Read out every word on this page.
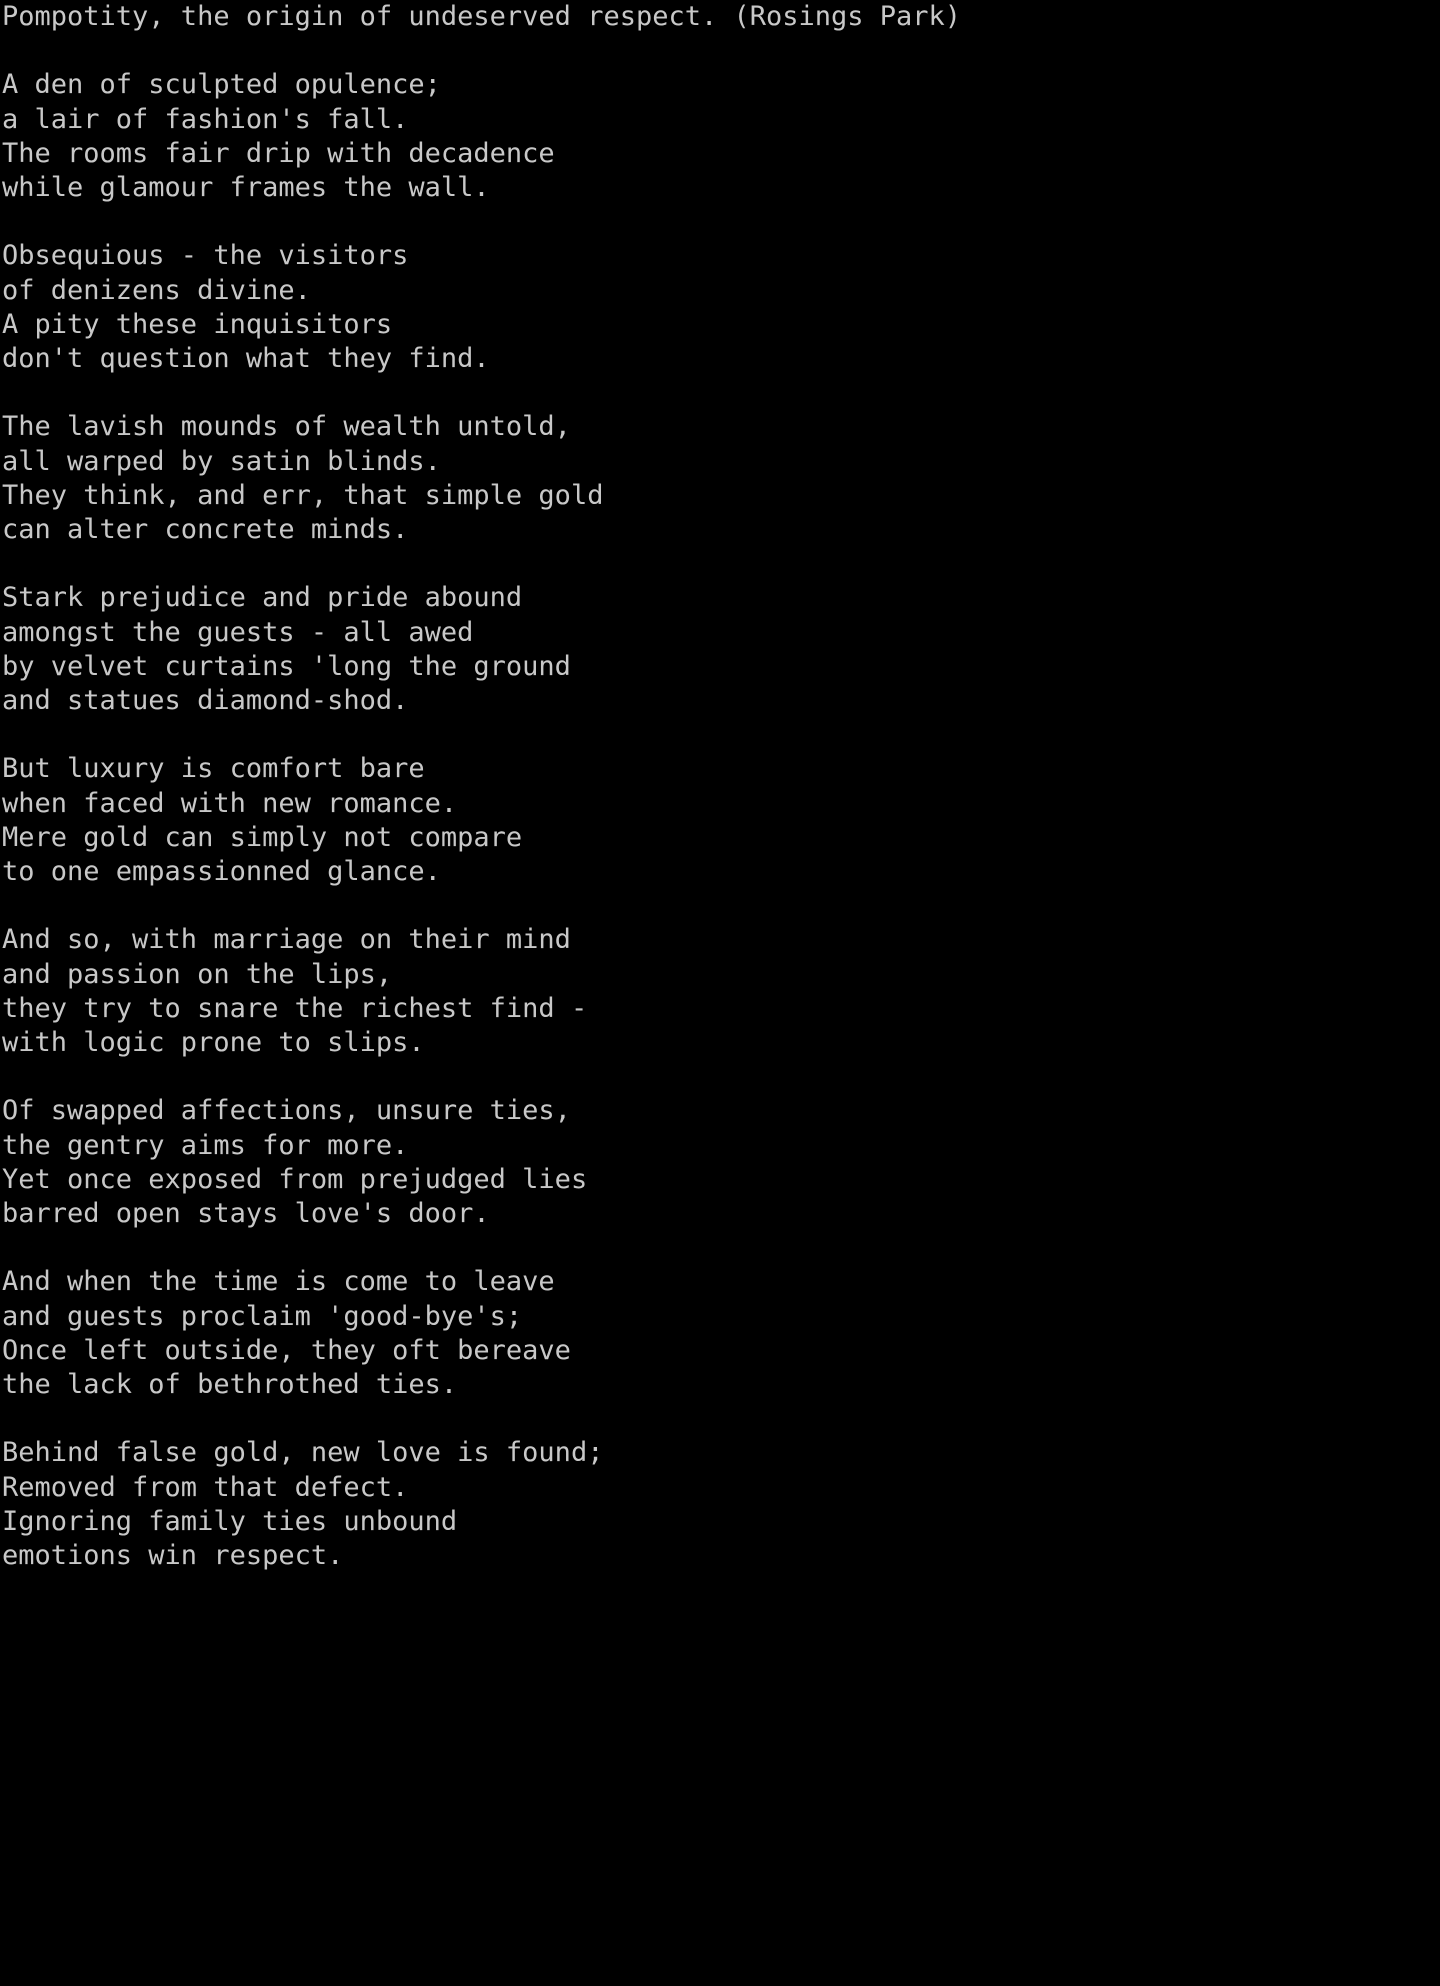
Pompotity, the origin of undeserved respect. (Rosings Park)
A den of sculpted opulence;
a lair of fashion's fall.
The rooms fair drip with decadence
while glamour frames the wall.
Obsequious - the visitors
of denizens divine.
A pity these inquisitors
don't question what they find.
The lavish mounds of wealth untold,
all warped by satin blinds.
They think, and err, that simple gold
can alter concrete minds.
Stark prejudice and pride abound
amongst the guests - all awed
by velvet curtains 'long the ground
and statues diamond-shod.
But luxury is comfort bare
when faced with new romance.
Mere gold can simply not compare
to one empassionned glance.
And so, with marriage on their mind
and passion on the lips,
they try to snare the richest find -
with logic prone to slips.
Of swapped affections, unsure ties,
the gentry aims for more.
Yet once exposed from prejudged lies
barred open stays love's door.
And when the time is come to leave
and guests proclaim 'good-bye's;
Once left outside, they oft bereave
the lack of bethrothed ties.
Behind false gold, new love is found;
Removed from that defect.
Ignoring family ties unbound
emotions win respect.
